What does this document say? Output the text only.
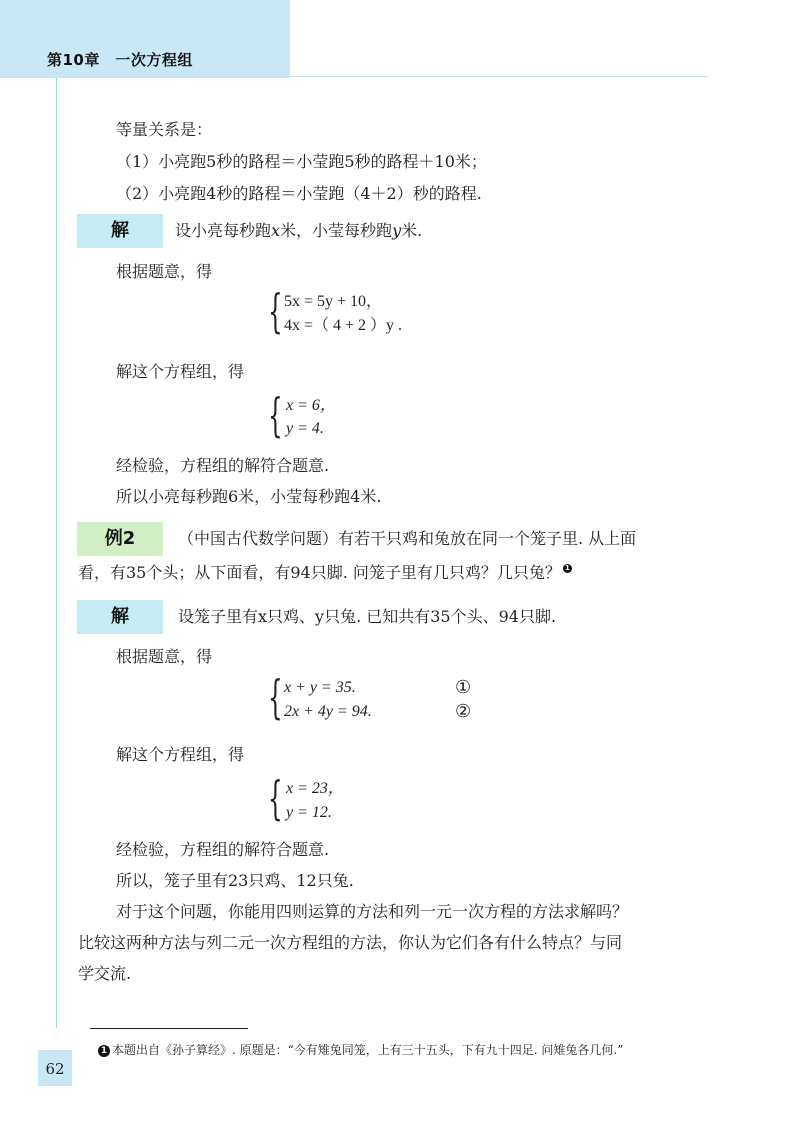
第10章　一次方程组
等量关系是：
（1）小亮跑5秒的路程＝小莹跑5秒的路程＋10米；
（2）小亮跑4秒的路程＝小莹跑（4＋2）秒的路程.
解	设小亮每秒跑x米，小莹每秒跑y米.
根据题意，得
{ 5x = 5y + 10，
4x =（ 4 + 2 ）y .
解这个方程组，得
{ x = 6，
y = 4.
经检验，方程组的解符合题意.
所以小亮每秒跑6米，小莹每秒跑4米.
例2	（中国古代数学问题）有若干只鸡和兔放在同一个笼子里. 从上面
看，有35个头；从下面看，有94只脚. 问笼子里有几只鸡？几只兔？ 1
解	设笼子里有x只鸡、y只兔. 已知共有35个头、94只脚.
根据题意，得
{ x + y = 35.
2x + 4y = 94.
①
②
解这个方程组，得
{ x = 23，
y = 12.
经检验，方程组的解符合题意.
所以，笼子里有23只鸡、12只兔.
对于这个问题，你能用四则运算的方法和列一元一次方程的方法求解吗？
比较这两种方法与列二元一次方程组的方法，你认为它们各有什么特点？与同
学交流.
1 本题出自《孙子算经》. 原题是：“今有雉兔同笼，上有三十五头，下有九十四足. 问雉兔各几何.”
62
